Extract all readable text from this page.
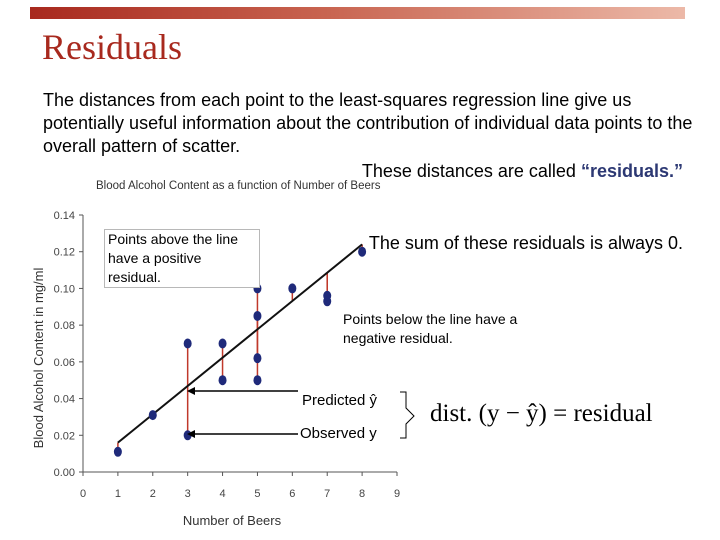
Residuals
The distances from each point to the least-squares regression line give us potentially useful information about the contribution of individual data points to the overall pattern of scatter.
These distances are called “residuals.”
The sum of these residuals is always 0.
Blood Alcohol Content as a function of Number of Beers
0.00
0.02
0.04
0.06
0.08
0.10
0.12
0.14
0	1	2	3	4	5	6	7	8	9
Number of Beers
Blood Alcohol Content in mg/ml
Points above the line have a positive residual.
Points below the line have a negative residual.
Predicted ŷ
Observed y
dist. (y − ŷ) = residual
